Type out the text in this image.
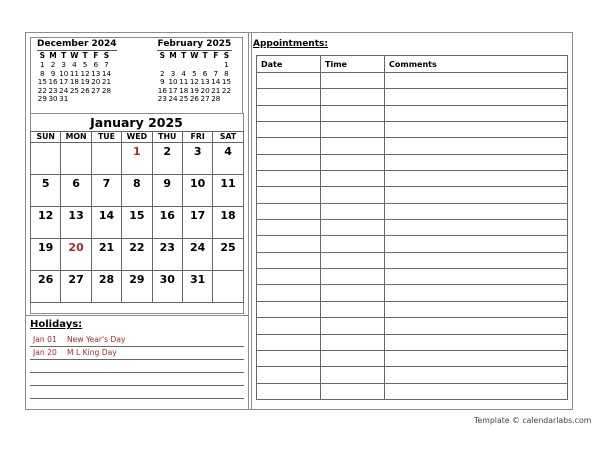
December 2024
S	M	T	W	T	F	S
1	2	3	4	5	6	7
8	9	10	11	12	13	14
15	16	17	18	19	20	21
22	23	24	25	26	27	28
29	30	31				
February 2025
S	M	T	W	T	F	S
						1
2	3	4	5	6	7	8
9	10	11	12	13	14	15
16	17	18	19	20	21	22
23	24	25	26	27	28	
January 2025
SUN	MON	TUE	WED	THU	FRI	SAT
			1	2	3	4
5	6	7	8	9	10	11
12	13	14	15	16	17	18
19	20	21	22	23	24	25
26	27	28	29	30	31	
Holidays:
Jan 01 New Year's Day
Jan 20 M L King Day
Appointments:
Date	Time	Comments

Template © calendarlabs.com
